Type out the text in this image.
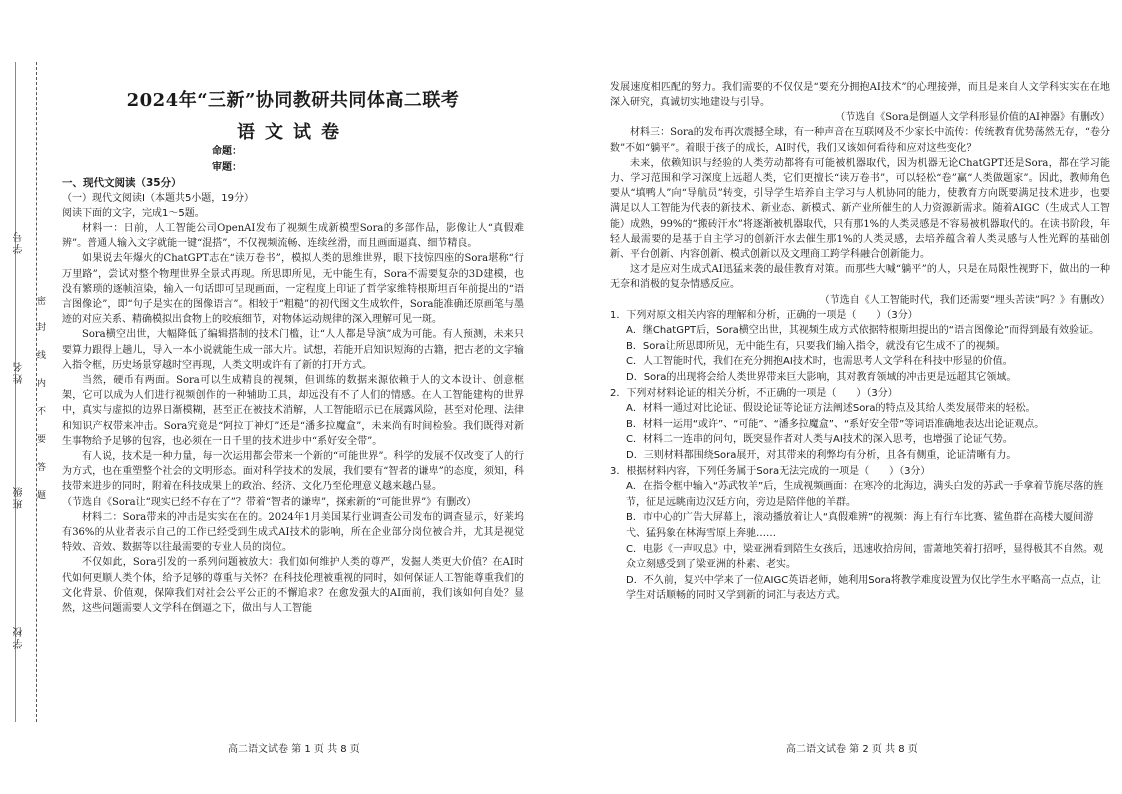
学号
姓名
班级
学校
密
封
线
内
不
要
答
题
2024年“三新”协同教研共同体高二联考
语文试卷
命题：
审题：

一、现代文阅读（35分）

（一）现代文阅读Ⅰ（本题共5小题，19分）

阅读下面的文字，完成1～5题。

材料一：日前，人工智能公司OpenAI发布了视频生成新模型Sora的多部作品，影像让人“真假难辨”。普通人输入文字就能一键“混搭”，不仅视频流畅、连续丝滑，而且画面逼真、细节精良。

如果说去年爆火的ChatGPT志在“读万卷书”，模拟人类的思维世界，眼下技惊四座的Sora堪称“行万里路”，尝试对整个物理世界全景式再现。所思即所见，无中能生有，Sora不需要复杂的3D建模，也没有繁琐的逐帧渲染，输入一句话即可呈现画面，一定程度上印证了哲学家维特根斯坦百年前提出的“语言图像论”，即“句子是实在的图像语言”。相较于“粗糙”的初代图文生成软件，Sora能准确还原画笔与墨迹的对应关系、精确模拟出食物上的咬痕细节，对物体运动规律的深入理解可见一斑。

Sora横空出世，大幅降低了编辑搭制的技术门槛，让“人人都是导演”成为可能。有人预测，未来只要算力跟得上趟儿，导入一本小说就能生成一部大片。试想，若能开启知识短海的古籍，把古老的文字输入指令框，历史场景穿越时空再现，人类文明或许有了新的打开方式。

当然，硬币有两面。Sora可以生成精良的视频，但训练的数据来源依赖于人的文本设计、创意框架，它可以成为人们进行视频创作的一种辅助工具，却远没有不了人们的情感。在人工智能建构的世界中，真实与虚拟的边界日渐模糊，甚至正在被技术消解，人工智能昭示已在展露风险，甚至对伦理、法律和知识产权带来冲击。Sora究竟是“阿拉丁神灯”还是“潘多拉魔盒”，未来尚有时间检验。我们既得对新生事物给予足够的包容，也必须在一日千里的技术进步中“系好安全带”。

有人说，技术是一种力量，每一次运用都会带来一个新的“可能世界”。科学的发展不仅改变了人的行为方式，也在重塑整个社会的文明形态。面对科学技术的发展，我们要有“智者的谦卑”的态度，须知，科技带来进步的同时，附着在科技成果上的政治、经济、文化乃至伦理意义越来越凸显。

（节选自《Sora让“现实已经不存在了”？带着“智者的谦卑”，探索新的“可能世界”》有删改）

材料二：Sora带来的冲击是实实在在的。2024年1月美国某行业调查公司发布的调查显示，好莱坞有36%的从业者表示自己的工作已经受到生成式AI技术的影响，所在企业部分岗位被合并，尤其是视觉特效、音效、数据等以往最需要的专业人员的岗位。

不仅如此，Sora引发的一系列问题被放大：我们如何维护人类的尊严，发掘人类更大价值？在AI时代如何更顺人类个体，给予足够的尊重与关怀？在科技伦理被重视的同时，如何保证人工智能尊重我们的文化背景、价值观，保障我们对社会公平公正的不懈追求？在愈发强大的AI面前，我们该如何自处？显然，这些问题需要人文学科在倒逼之下，做出与人工智能

高二语文试卷 第 1 页 共 8 页

发展速度相匹配的努力。我们需要的不仅仅是“要充分拥抱AI技术”的心理接弹，而且是来自人文学科实实在在地深入研究，真诚切实地建设与引导。

（节选自《Sora是倒逼人文学科形显价值的AI神器》有删改）

材料三：Sora的发布再次震撼全球，有一种声音在互联网及不少家长中流传：传统教育优势荡然无存，“卷分数”不如“躺平”。着眼于孩子的成长，AI时代，我们又该如何看待和应对这些变化？

未来，依赖知识与经验的人类劳动都将有可能被机器取代，因为机器无论ChatGPT还是Sora，都在学习能力、学习范围和学习深度上远超人类，它们更擅长“读万卷书”，可以轻松“卷”赢“人类做题家”。因此，教师角色要从“填鸭人”向“导航员”转变，引导学生培养自主学习与人机协同的能力，使教育方向既要满足技术进步，也要满足以人工智能为代表的新技术、新业态、新模式、新产业所催生的人力资源新需求。随着AIGC（生成式人工智能）成熟，99%的“搬砖汗水”将逐渐被机器取代，只有那1%的人类灵感是不容易被机器取代的。在读书阶段，年轻人最需要的是基于自主学习的创新汗水去催生那1%的人类灵感，去培养蕴含着人类灵感与人性光辉的基础创新、平台创新、内容创新、模式创新以及文理商工跨学科融合创新能力。

这才是应对生成式AI迅猛来袭的最佳教育对策。而那些大喊“躺平”的人，只是在局限性视野下，做出的一种无奈和消极的复杂情感反应。

（节选自《人工智能时代，我们还需要“埋头苦读”吗？》有删改）

1．下列对原文相关内容的理解和分析，正确的一项是（　　）（3分）

A．继ChatGPT后，Sora横空出世，其视频生成方式依据特根斯坦提出的“语言图像论”而得到最有效验证。

B．Sora让所思即所见，无中能生有，只要我们输入指令，就没有它生成不了的视频。

C．人工智能时代，我们在充分拥抱AI技术时，也需思考人文学科在科技中形显的价值。

D．Sora的出现将会给人类世界带来巨大影响，其对教育领域的冲击更是远超其它领域。

2．下列对材料论证的相关分析，不正确的一项是（　　）（3分）

A．材料一通过对比论证、假设论证等论证方法阐述Sora的特点及其给人类发展带来的轻松。

B．材料一运用“或许”、“可能”、“潘多拉魔盒”、“系好安全带”等词语准确地表达出论证观点。

C．材料二一连串的问句，既突显作者对人类与AI技术的深入思考，也增强了论证气势。

D．三则材料都围绕Sora展开，对其带来的利弊均有分析，且各有侧重，论证清晰有力。

3．根据材料内容，下列任务属于Sora无法完成的一项是（　　）（3分）

A．在指令框中输入“苏武牧羊”后，生成视频画面：在寒冷的北海边，满头白发的苏武一手拿着节旄尽落的旌节，征足远眺南边汉廷方向，旁边是陪伴他的羊群。

B．市中心的广告大屏幕上，滚动播放着让人“真假难辨”的视频：海上有行车比赛、鲨鱼群在高楼大厦间游弋、猛犸象在林海雪原上奔驰……

C．电影《一声叹息》中，梁亚洲看到陪生女孩后，迅速收拾房间，雷萧地笑着打招呼，显得极其不自然。观众立刻感受到了梁亚洲的朴素、老实。

D．不久前，复兴中学来了一位AIGC英语老师，她利用Sora将教学难度设置为仅比学生水平略高一点点，让学生对话顺畅的同时又学到新的词汇与表达方式。

高二语文试卷 第 2 页 共 8 页
